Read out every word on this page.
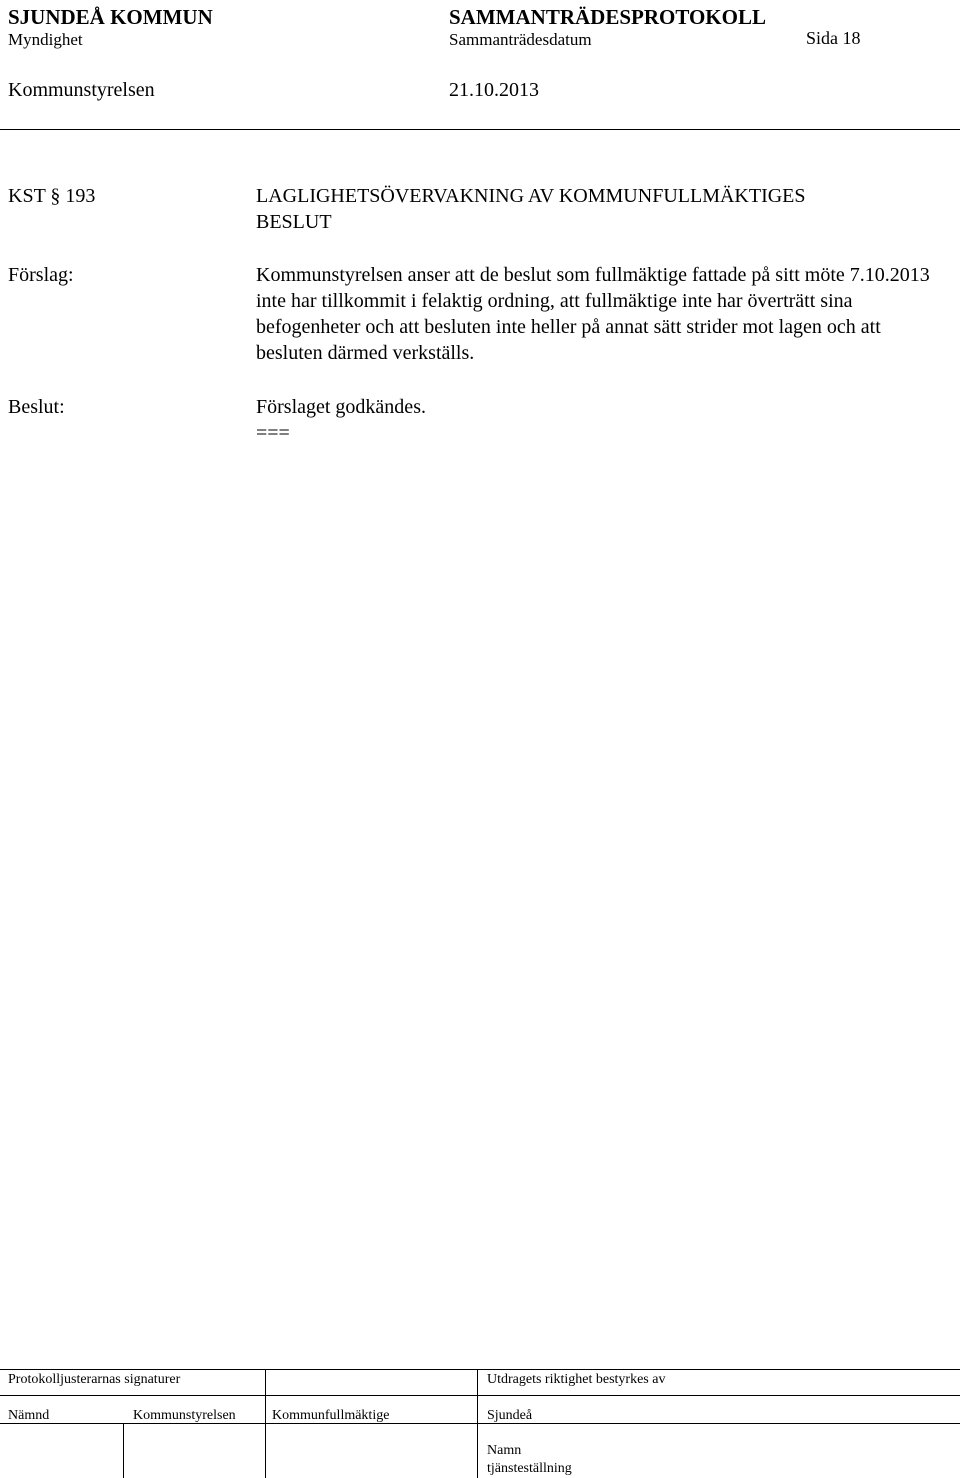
SJUNDEÅ KOMMUN	SAMMANTRÄDESPROTOKOLL
Myndighet	Sammanträdesdatum	Sida 18
Kommunstyrelsen	21.10.2013
KST § 193	LAGLIGHETSÖVERVAKNING AV KOMMUNFULLMÄKTIGES
BESLUT
Förslag:	Kommunstyrelsen anser att de beslut som fullmäktige fattade på sitt möte 7.10.2013 inte har tillkommit i felaktig ordning, att fullmäktige inte har överträtt sina befogenheter och att besluten inte heller på annat sätt strider mot lagen och att besluten därmed verkställs.
Beslut:	Förslaget godkändes.
===
Protokolljusterarnas signaturer	Utdragets riktighet bestyrkes av
Nämnd	Kommunstyrelsen	Kommunfullmäktige	Sjundeå
Namn
tjänsteställning
